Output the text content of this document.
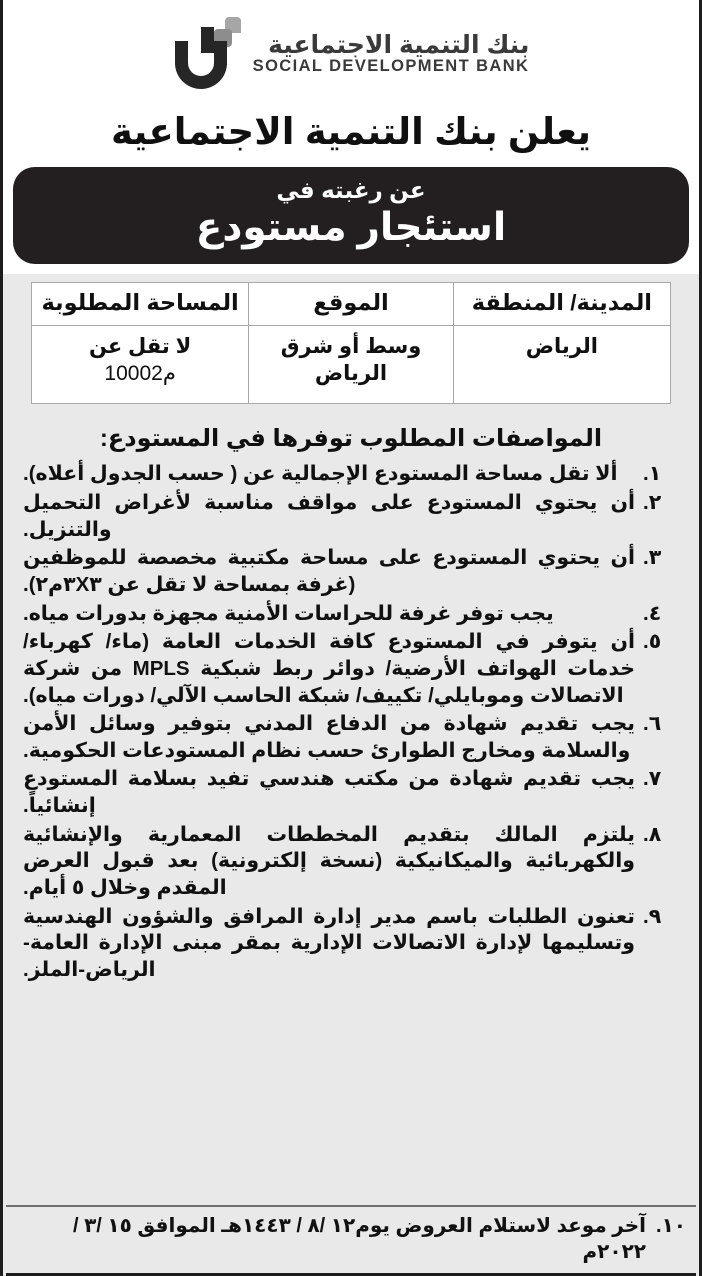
بنك التنمية الاجتماعية
SOCIAL DEVELOPMENT BANK
يعلن بنك التنمية الاجتماعية
عن رغبته في
استئجار مستودع
المدينة/ المنطقة	الموقع	المساحة المطلوبة
الرياض	وسط أو شرق الرياض	لا تقل عن
1000م2
المواصفات المطلوب توفرها في المستودع:
١.
ألا تقل مساحة المستودع الإجمالية عن ( حسب الجدول أعلاه).
٢.
أن يحتوي المستودع على مواقف مناسبة لأغراض التحميل والتنزيل.
٣.
أن يحتوي المستودع على مساحة مكتبية مخصصة للموظفين (غرفة بمساحة لا تقل عن ٣X٣م٢).
٤.
يجب توفر غرفة للحراسات الأمنية مجهزة بدورات مياه.
٥.
أن يتوفر في المستودع كافة الخدمات العامة (ماء/ كهرباء/ خدمات الهواتف الأرضية/ دوائر ربط شبكية MPLS من شركة الاتصالات وموبايلي/ تكييف/ شبكة الحاسب الآلي/ دورات مياه).
٦.
يجب تقديم شهادة من الدفاع المدني بتوفير وسائل الأمن والسلامة ومخارج الطوارئ حسب نظام المستودعات الحكومية.
٧.
يجب تقديم شهادة من مكتب هندسي تفيد بسلامة المستودع إنشائياً.
٨.
يلتزم المالك بتقديم المخططات المعمارية والإنشائية والكهربائية والميكانيكية (نسخة إلكترونية) بعد قبول العرض المقدم وخلال ٥ أيام.
٩.
تعنون الطلبات باسم مدير إدارة المرافق والشؤون الهندسية وتسليمها لإدارة الاتصالات الإدارية بمقر مبنى الإدارة العامة-الرياض-الملز.
١٠.
آخر موعد لاستلام العروض يوم١٢ /٨ / ١٤٤٣هـ الموافق ١٥ /٣ /٢٠٢٢م
